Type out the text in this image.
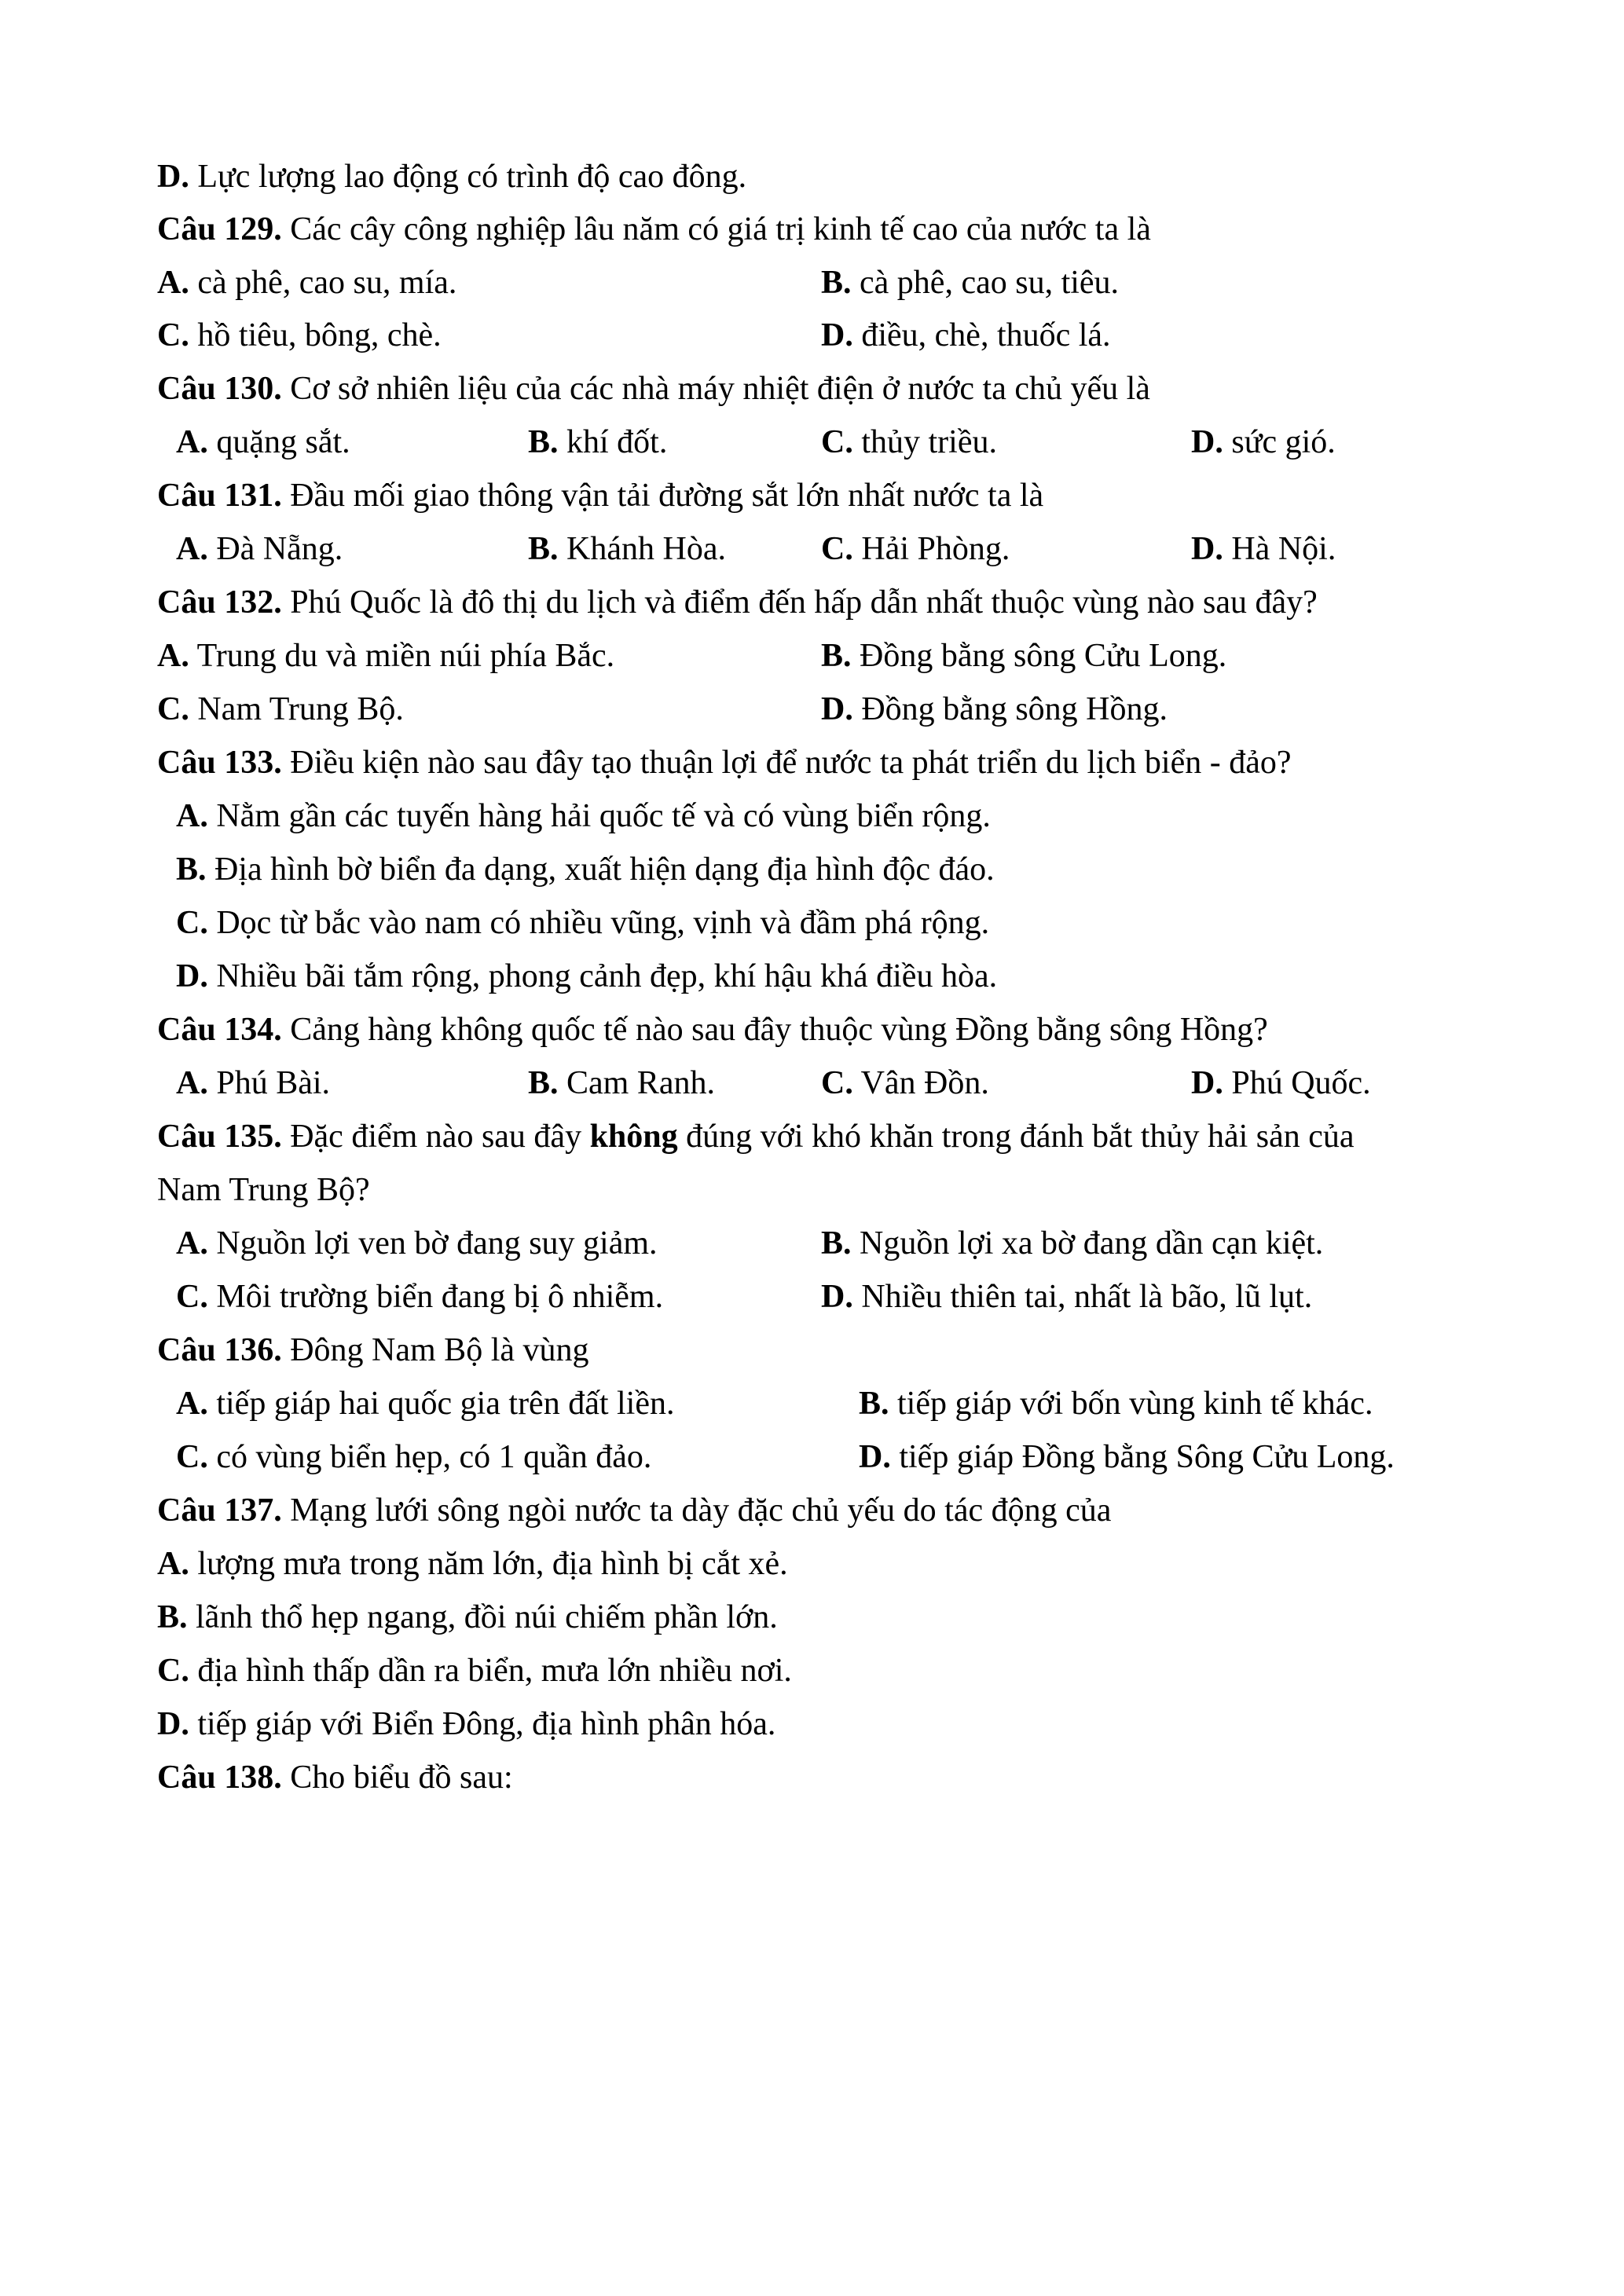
D. Lực lượng lao động có trình độ cao đông.
Câu 129. Các cây công nghiệp lâu năm có giá trị kinh tế cao của nước ta là
A. cà phê, cao su, mía.	B. cà phê, cao su, tiêu.
C. hồ tiêu, bông, chè.	D. điều, chè, thuốc lá.
Câu 130. Cơ sở nhiên liệu của các nhà máy nhiệt điện ở nước ta chủ yếu là
A. quặng sắt.	B. khí đốt.	C. thủy triều.	D. sức gió.
Câu 131. Đầu mối giao thông vận tải đường sắt lớn nhất nước ta là
A. Đà Nẵng.	B. Khánh Hòa.	C. Hải Phòng.	D. Hà Nội.
Câu 132. Phú Quốc là đô thị du lịch và điểm đến hấp dẫn nhất thuộc vùng nào sau đây?
A. Trung du và miền núi phía Bắc.	B. Đồng bằng sông Cửu Long.
C. Nam Trung Bộ.	D. Đồng bằng sông Hồng.
Câu 133. Điều kiện nào sau đây tạo thuận lợi để nước ta phát triển du lịch biển - đảo?
A. Nằm gần các tuyến hàng hải quốc tế và có vùng biển rộng.
B. Địa hình bờ biển đa dạng, xuất hiện dạng địa hình độc đáo.
C. Dọc từ bắc vào nam có nhiều vũng, vịnh và đầm phá rộng.
D. Nhiều bãi tắm rộng, phong cảnh đẹp, khí hậu khá điều hòa.
Câu 134. Cảng hàng không quốc tế nào sau đây thuộc vùng Đồng bằng sông Hồng?
A. Phú Bài.	B. Cam Ranh.	C. Vân Đồn.	D. Phú Quốc.
Câu 135. Đặc điểm nào sau đây không đúng với khó khăn trong đánh bắt thủy hải sản của
Nam Trung Bộ?
A. Nguồn lợi ven bờ đang suy giảm.	B. Nguồn lợi xa bờ đang dần cạn kiệt.
C. Môi trường biển đang bị ô nhiễm.	D. Nhiều thiên tai, nhất là bão, lũ lụt.
Câu 136. Đông Nam Bộ là vùng
A. tiếp giáp hai quốc gia trên đất liền.	B. tiếp giáp với bốn vùng kinh tế khác.
C. có vùng biển hẹp, có 1 quần đảo.	D. tiếp giáp Đồng bằng Sông Cửu Long.
Câu 137. Mạng lưới sông ngòi nước ta dày đặc chủ yếu do tác động của
A. lượng mưa trong năm lớn, địa hình bị cắt xẻ.
B. lãnh thổ hẹp ngang, đồi núi chiếm phần lớn.
C. địa hình thấp dần ra biển, mưa lớn nhiều nơi.
D. tiếp giáp với Biển Đông, địa hình phân hóa.
Câu 138. Cho biểu đồ sau:
